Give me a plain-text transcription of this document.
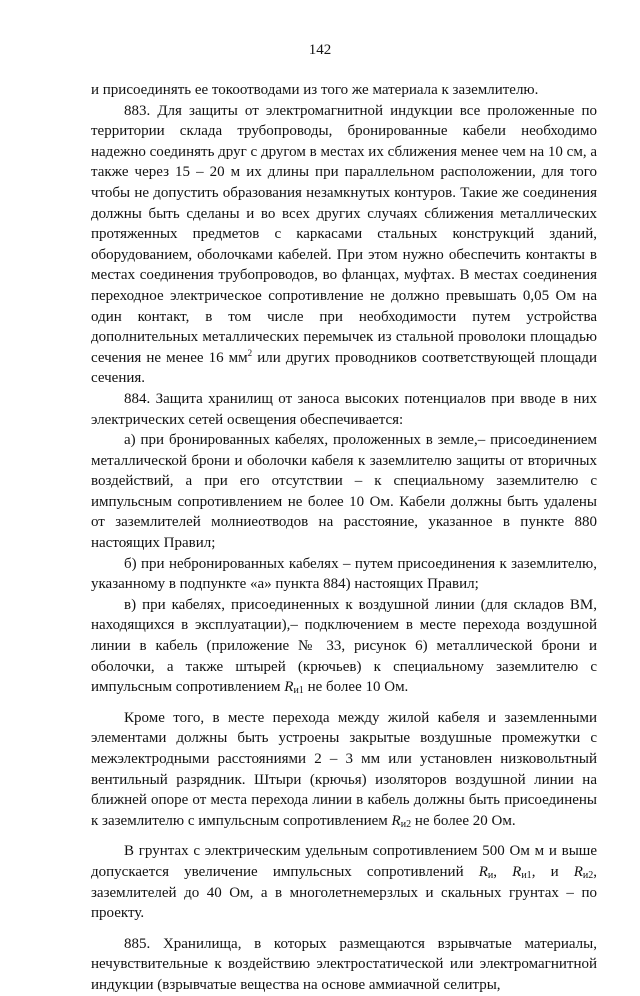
142

и присоединять ее токоотводами из того же материала к заземлителю.

883. Для защиты от электромагнитной индукции все проложенные по территории склада трубопроводы, бронированные кабели необходимо надежно соединять друг с другом в местах их сближения менее чем на 10 см, а также через 15 – 20 м их длины при параллельном расположении, для того чтобы не допустить образования незамкнутых контуров. Такие же соединения должны быть сделаны и во всех других случаях сближения металлических протяженных предметов с каркасами стальных конструкций зданий, оборудованием, оболочками кабелей. При этом нужно обеспечить контакты в местах соединения трубопроводов, во фланцах, муфтах. В местах соединения переходное электрическое сопротивление не должно превышать 0,05 Ом на один контакт, в том числе при необходимости путем устройства дополнительных металлических перемычек из стальной проволоки площадью сечения не менее 16 $мм^2$ или других проводников соответствующей площади сечения.

884. Защита хранилищ от заноса высоких потенциалов при вводе в них электрических сетей освещения обеспечивается:

а) при бронированных кабелях, проложенных в земле,– присоединением металлической брони и оболочки кабеля к заземлителю защиты от вторичных воздействий, а при его отсутствии – к специальному заземлителю с импульсным сопротивлением не более 10 Ом. Кабели должны быть удалены от заземлителей молниеотводов на расстояние, указанное в пункте 880 настоящих Правил;

б) при небронированных кабелях – путем присоединения к заземлителю, указанному в подпункте «а» пункта 884) настоящих Правил;

в) при кабелях, присоединенных к воздушной линии (для складов ВМ, находящихся в эксплуатации),– подключением в месте перехода воздушной линии в кабель (приложение № 33, рисунок 6) металлической брони и оболочки, а также штырей (крючьев) к специальному заземлителю с импульсным сопротивлением $R_{и1}$ не более 10 Ом.

Кроме того, в месте перехода между жилой кабеля и заземленными элементами должны быть устроены закрытые воздушные промежутки с межэлектродными расстояниями 2 – 3 мм или установлен низковольтный вентильный разрядник. Штыри (крючья) изоляторов воздушной линии на ближней опоре от места перехода линии в кабель должны быть присоединены к заземлителю с импульсным сопротивлением $R_{и2}$ не более 20 Ом.

В грунтах с электрическим удельным сопротивлением 500 Ом м и выше допускается увеличение импульсных сопротивлений $R_и$, $R_{и1}$, и $R_{и2}$, заземлителей до 40 Ом, а в многолетнемерзлых и скальных грунтах – по проекту.

885. Хранилища, в которых размещаются взрывчатые материалы, нечувствительные к воздействию электростатической или электромагнитной индукции (взрывчатые вещества на основе аммиачной селитры,
